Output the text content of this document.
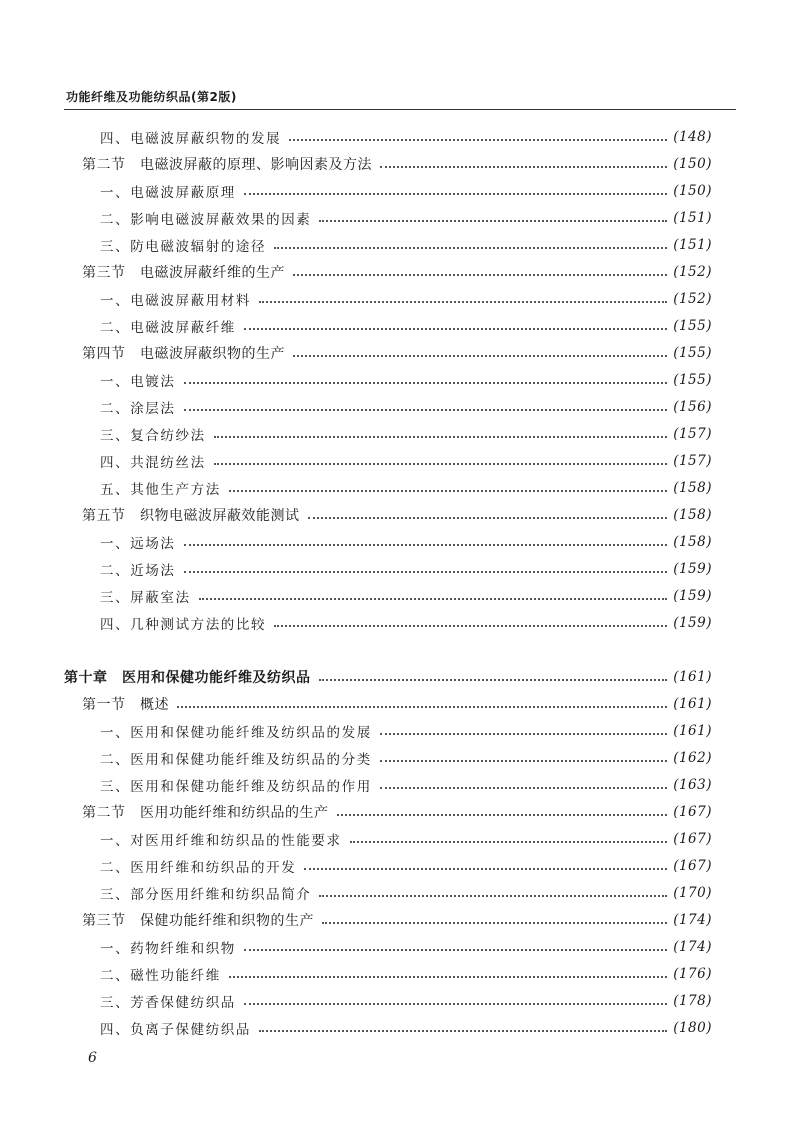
功能纤维及功能纺织品(第2版)
四、电磁波屏蔽织物的发展	(148)
第二节　电磁波屏蔽的原理、影响因素及方法	(150)
一、电磁波屏蔽原理	(150)
二、影响电磁波屏蔽效果的因素	(151)
三、防电磁波辐射的途径	(151)
第三节　电磁波屏蔽纤维的生产	(152)
一、电磁波屏蔽用材料	(152)
二、电磁波屏蔽纤维	(155)
第四节　电磁波屏蔽织物的生产	(155)
一、电镀法	(155)
二、涂层法	(156)
三、复合纺纱法	(157)
四、共混纺丝法	(157)
五、其他生产方法	(158)
第五节　织物电磁波屏蔽效能测试	(158)
一、远场法	(158)
二、近场法	(159)
三、屏蔽室法	(159)
四、几种测试方法的比较	(159)
第十章　医用和保健功能纤维及纺织品	(161)
第一节　概述	(161)
一、医用和保健功能纤维及纺织品的发展	(161)
二、医用和保健功能纤维及纺织品的分类	(162)
三、医用和保健功能纤维及纺织品的作用	(163)
第二节　医用功能纤维和纺织品的生产	(167)
一、对医用纤维和纺织品的性能要求	(167)
二、医用纤维和纺织品的开发	(167)
三、部分医用纤维和纺织品简介	(170)
第三节　保健功能纤维和织物的生产	(174)
一、药物纤维和织物	(174)
二、磁性功能纤维	(176)
三、芳香保健纺织品	(178)
四、负离子保健纺织品	(180)
6
